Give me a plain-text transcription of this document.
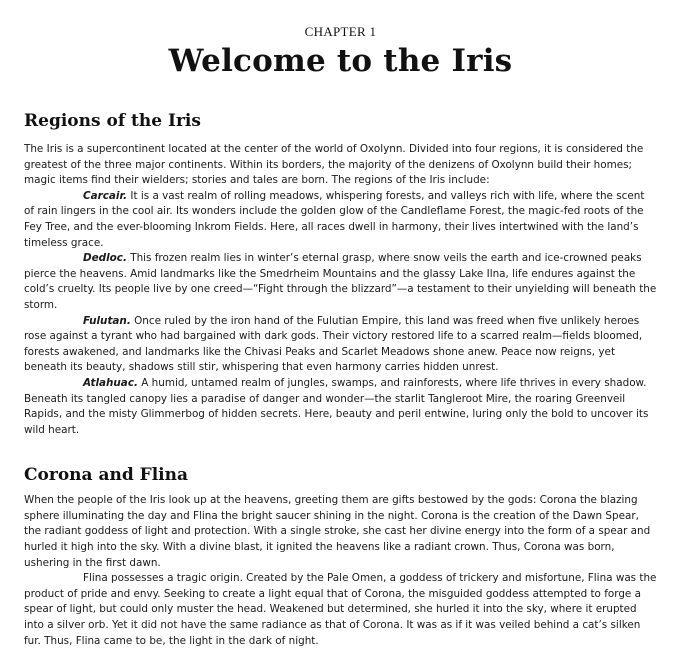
CHAPTER 1
Welcome to the Iris
Regions of the Iris

The Iris is a supercontinent located at the center of the world of Oxolynn. Divided into four regions, it is considered the greatest of the three major continents. Within its borders, the majority of the denizens of Oxolynn build their homes; magic items find their wielders; stories and tales are born. The regions of the Iris include:

Carcair. It is a vast realm of rolling meadows, whispering forests, and valleys rich with life, where the scent of rain lingers in the cool air. Its wonders include the golden glow of the Candleflame Forest, the magic-fed roots of the Fey Tree, and the ever-blooming Inkrom Fields. Here, all races dwell in harmony, their lives intertwined with the land’s timeless grace.

Dedloc. This frozen realm lies in winter’s eternal grasp, where snow veils the earth and ice-crowned peaks pierce the heavens. Amid landmarks like the Smedrheim Mountains and the glassy Lake Ilna, life endures against the cold’s cruelty. Its people live by one creed—“Fight through the blizzard”—a testament to their unyielding will beneath the storm.

Fulutan. Once ruled by the iron hand of the Fulutian Empire, this land was freed when five unlikely heroes rose against a tyrant who had bargained with dark gods. Their victory restored life to a scarred realm—fields bloomed, forests awakened, and landmarks like the Chivasi Peaks and Scarlet Meadows shone anew. Peace now reigns, yet beneath its beauty, shadows still stir, whispering that even harmony carries hidden unrest.

Atlahuac. A humid, untamed realm of jungles, swamps, and rainforests, where life thrives in every shadow. Beneath its tangled canopy lies a paradise of danger and wonder—the starlit Tangleroot Mire, the roaring Greenveil Rapids, and the misty Glimmerbog of hidden secrets. Here, beauty and peril entwine, luring only the bold to uncover its wild heart.

Corona and Flina

When the people of the Iris look up at the heavens, greeting them are gifts bestowed by the gods: Corona the blazing sphere illuminating the day and Flina the bright saucer shining in the night. Corona is the creation of the Dawn Spear, the radiant goddess of light and protection. With a single stroke, she cast her divine energy into the form of a spear and hurled it high into the sky. With a divine blast, it ignited the heavens like a radiant crown. Thus, Corona was born, ushering in the first dawn.

Flina possesses a tragic origin. Created by the Pale Omen, a goddess of trickery and misfortune, Flina was the product of pride and envy. Seeking to create a light equal that of Corona, the misguided goddess attempted to forge a spear of light, but could only muster the head. Weakened but determined, she hurled it into the sky, where it erupted into a silver orb. Yet it did not have the same radiance as that of Corona. It was as if it was veiled behind a cat’s silken fur. Thus, Flina came to be, the light in the dark of night.
